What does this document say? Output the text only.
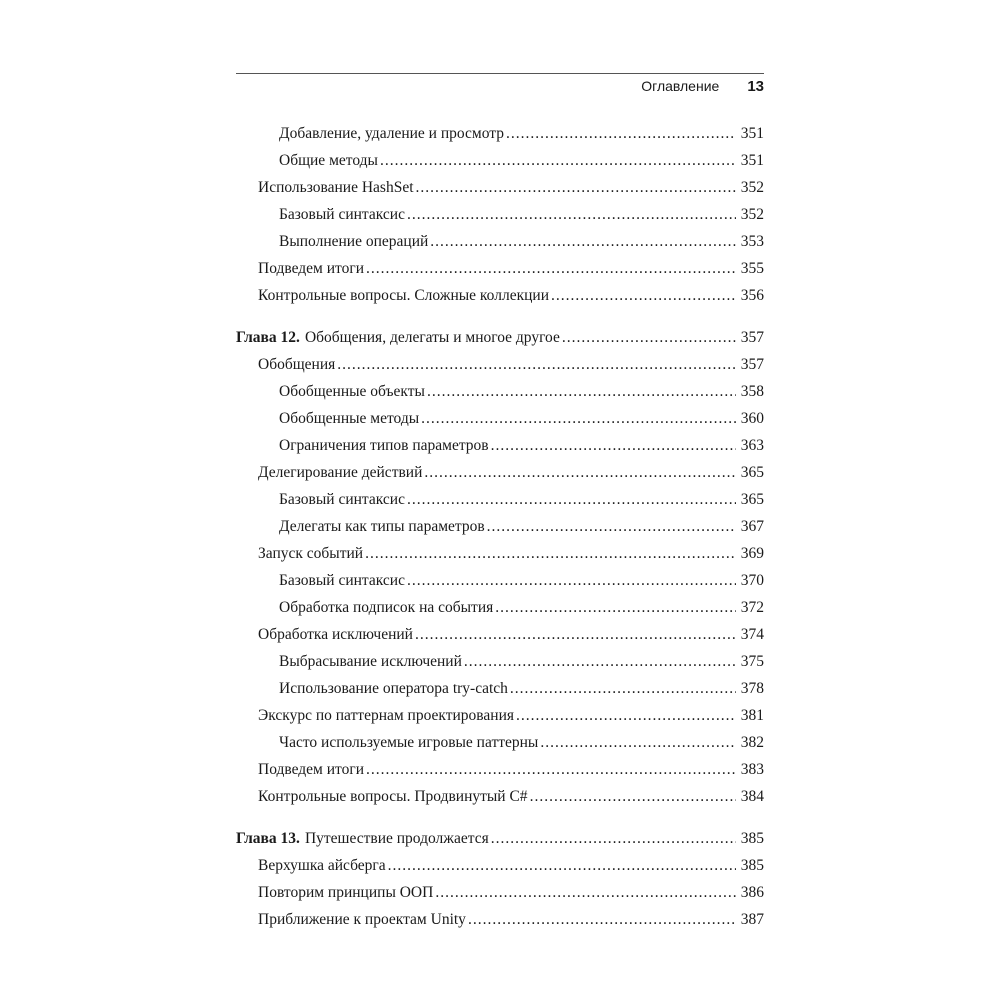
Оглавление 13
Добавление, удаление и просмотр .....	351
Общие методы .....	351
Использование HashSet .....	352
Базовый синтаксис .....	352
Выполнение операций .....	353
Подведем итоги .....	355
Контрольные вопросы. Сложные коллекции .....	356
Глава 12. Обобщения, делегаты и многое другое .....	357
Обобщения .....	357
Обобщенные объекты .....	358
Обобщенные методы .....	360
Ограничения типов параметров .....	363
Делегирование действий .....	365
Базовый синтаксис .....	365
Делегаты как типы параметров .....	367
Запуск событий .....	369
Базовый синтаксис .....	370
Обработка подписок на события .....	372
Обработка исключений .....	374
Выбрасывание исключений .....	375
Использование оператора try-catch .....	378
Экскурс по паттернам проектирования .....	381
Часто используемые игровые паттерны .....	382
Подведем итоги .....	383
Контрольные вопросы. Продвинутый C# .....	384
Глава 13. Путешествие продолжается .....	385
Верхушка айсберга .....	385
Повторим принципы ООП .....	386
Приближение к проектам Unity .....	387
